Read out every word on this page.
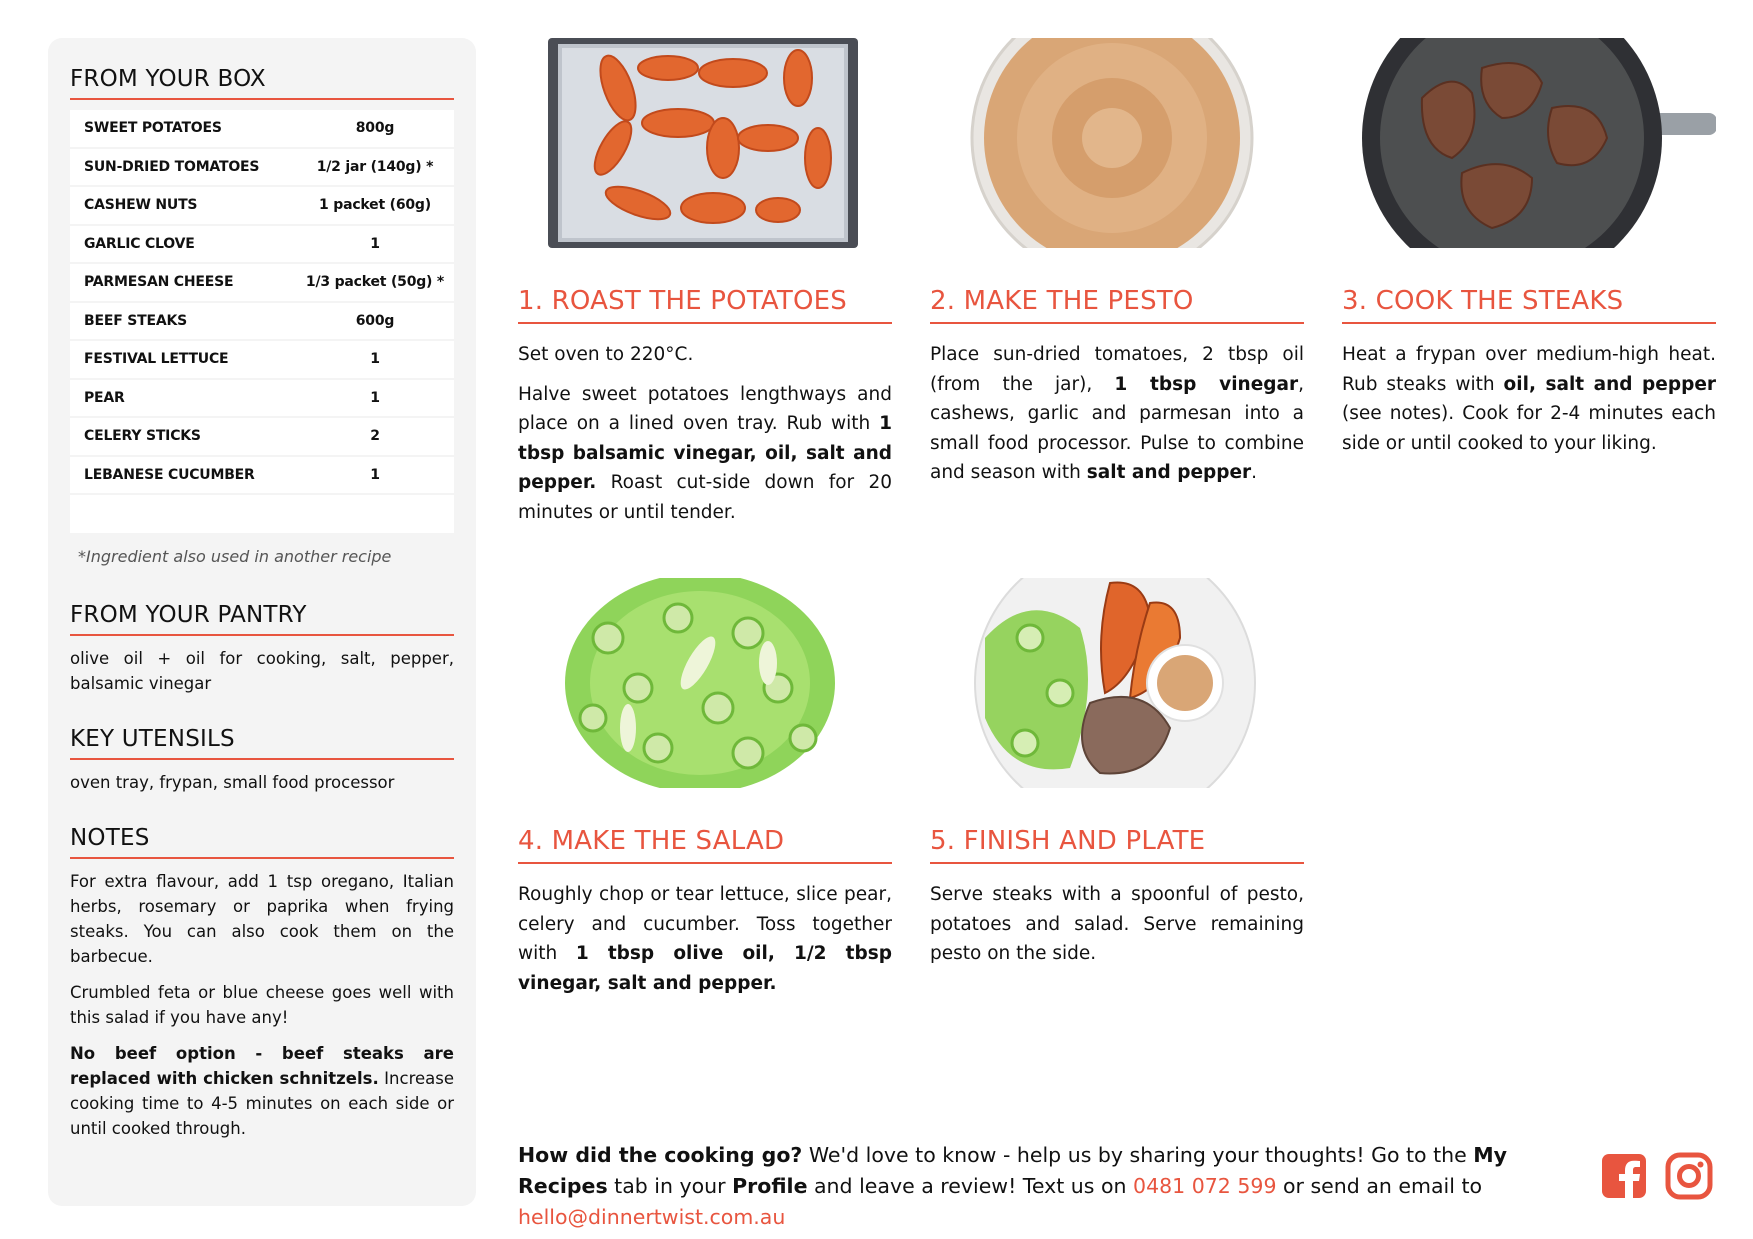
FROM YOUR BOX
SWEET POTATOES	800g
SUN-DRIED TOMATOES	1/2 jar (140g) *
CASHEW NUTS	1 packet (60g)
GARLIC CLOVE	1
PARMESAN CHEESE	1/3 packet (50g) *
BEEF STEAKS	600g
FESTIVAL LETTUCE	1
PEAR	1
CELERY STICKS	2
LEBANESE CUCUMBER	1
*Ingredient also used in another recipe
FROM YOUR PANTRY
olive oil + oil for cooking, salt, pepper, balsamic vinegar
KEY UTENSILS
oven tray, frypan, small food processor
NOTES

For extra flavour, add 1 tsp oregano, Italian herbs, rosemary or paprika when frying steaks. You can also cook them on the barbecue.

Crumbled feta or blue cheese goes well with this salad if you have any!

No beef option - beef steaks are replaced with chicken schnitzels. Increase cooking time to 4-5 minutes on each side or until cooked through.

1. ROAST THE POTATOES

Set oven to 220°C.

Halve sweet potatoes lengthways and place on a lined oven tray. Rub with 1 tbsp balsamic vinegar, oil, salt and pepper. Roast cut-side down for 20 minutes or until tender.

2. MAKE THE PESTO

Place sun-dried tomatoes, 2 tbsp oil (from the jar), 1 tbsp vinegar, cashews, garlic and parmesan into a small food processor. Pulse to combine and season with salt and pepper.

3. COOK THE STEAKS

Heat a frypan over medium-high heat. Rub steaks with oil, salt and pepper (see notes). Cook for 2-4 minutes each side or until cooked to your liking.

4. MAKE THE SALAD

Roughly chop or tear lettuce, slice pear, celery and cucumber. Toss together with 1 tbsp olive oil, 1/2 tbsp vinegar, salt and pepper.

5. FINISH AND PLATE

Serve steaks with a spoonful of pesto, potatoes and salad. Serve remaining pesto on the side.

How did the cooking go? We'd love to know - help us by sharing your thoughts! Go to the My Recipes tab in your Profile and leave a review! Text us on 0481 072 599 or send an email to hello@dinnertwist.com.au
